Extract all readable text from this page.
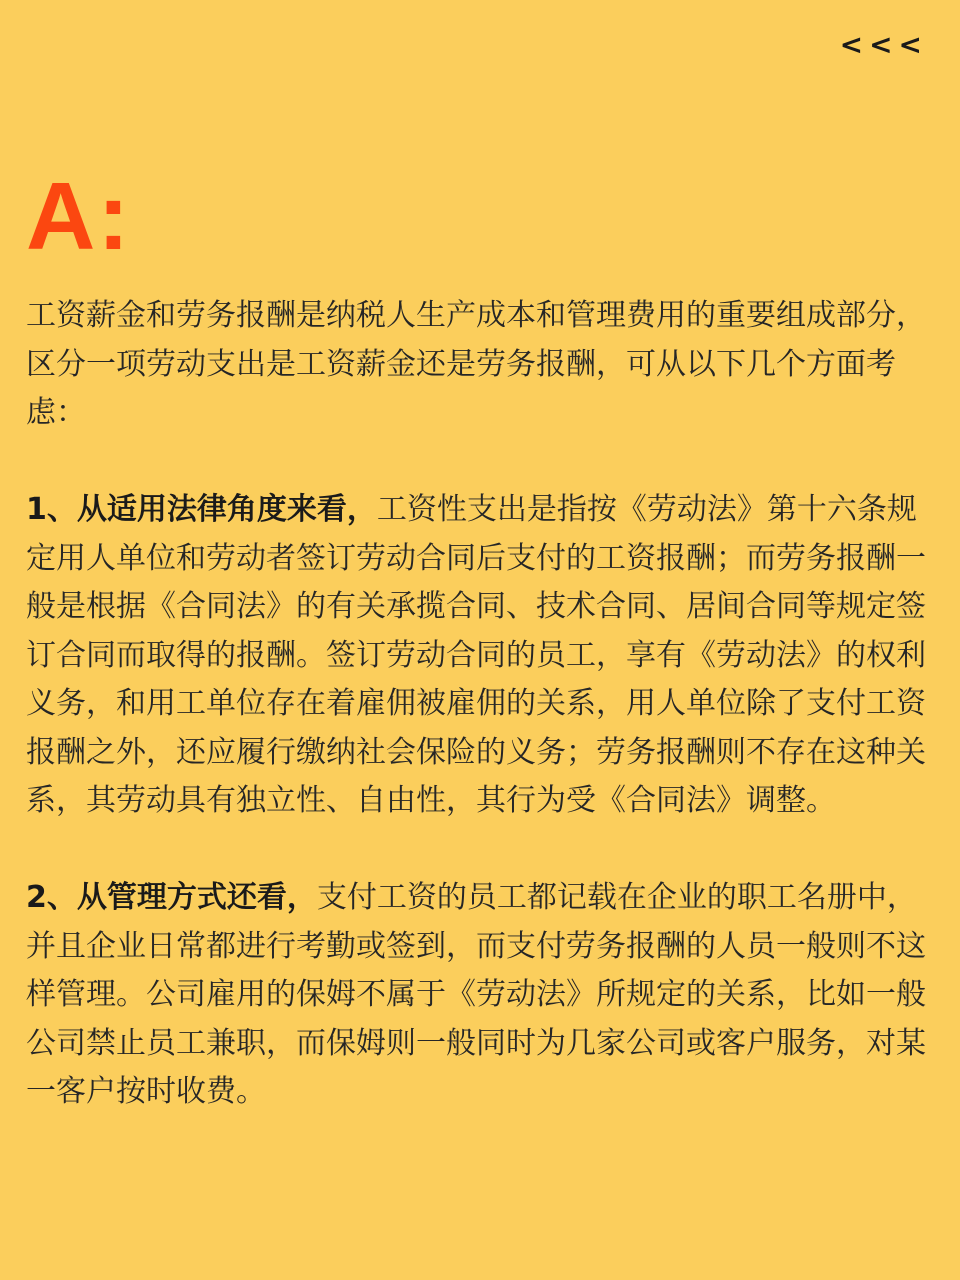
< < <
A:

工资薪金和劳务报酬是纳税人生产成本和管理费用的重要组成部分，区分一项劳动支出是工资薪金还是劳务报酬，可从以下几个方面考虑：

1、从适用法律角度来看，工资性支出是指按《劳动法》第十六条规定用人单位和劳动者签订劳动合同后支付的工资报酬；而劳务报酬一般是根据《合同法》的有关承揽合同、技术合同、居间合同等规定签订合同而取得的报酬。签订劳动合同的员工，享有《劳动法》的权利义务，和用工单位存在着雇佣被雇佣的关系，用人单位除了支付工资报酬之外，还应履行缴纳社会保险的义务；劳务报酬则不存在这种关系，其劳动具有独立性、自由性，其行为受《合同法》调整。

2、从管理方式还看，支付工资的员工都记载在企业的职工名册中，并且企业日常都进行考勤或签到，而支付劳务报酬的人员一般则不这样管理。公司雇用的保姆不属于《劳动法》所规定的关系，比如一般公司禁止员工兼职，而保姆则一般同时为几家公司或客户服务，对某一客户按时收费。
